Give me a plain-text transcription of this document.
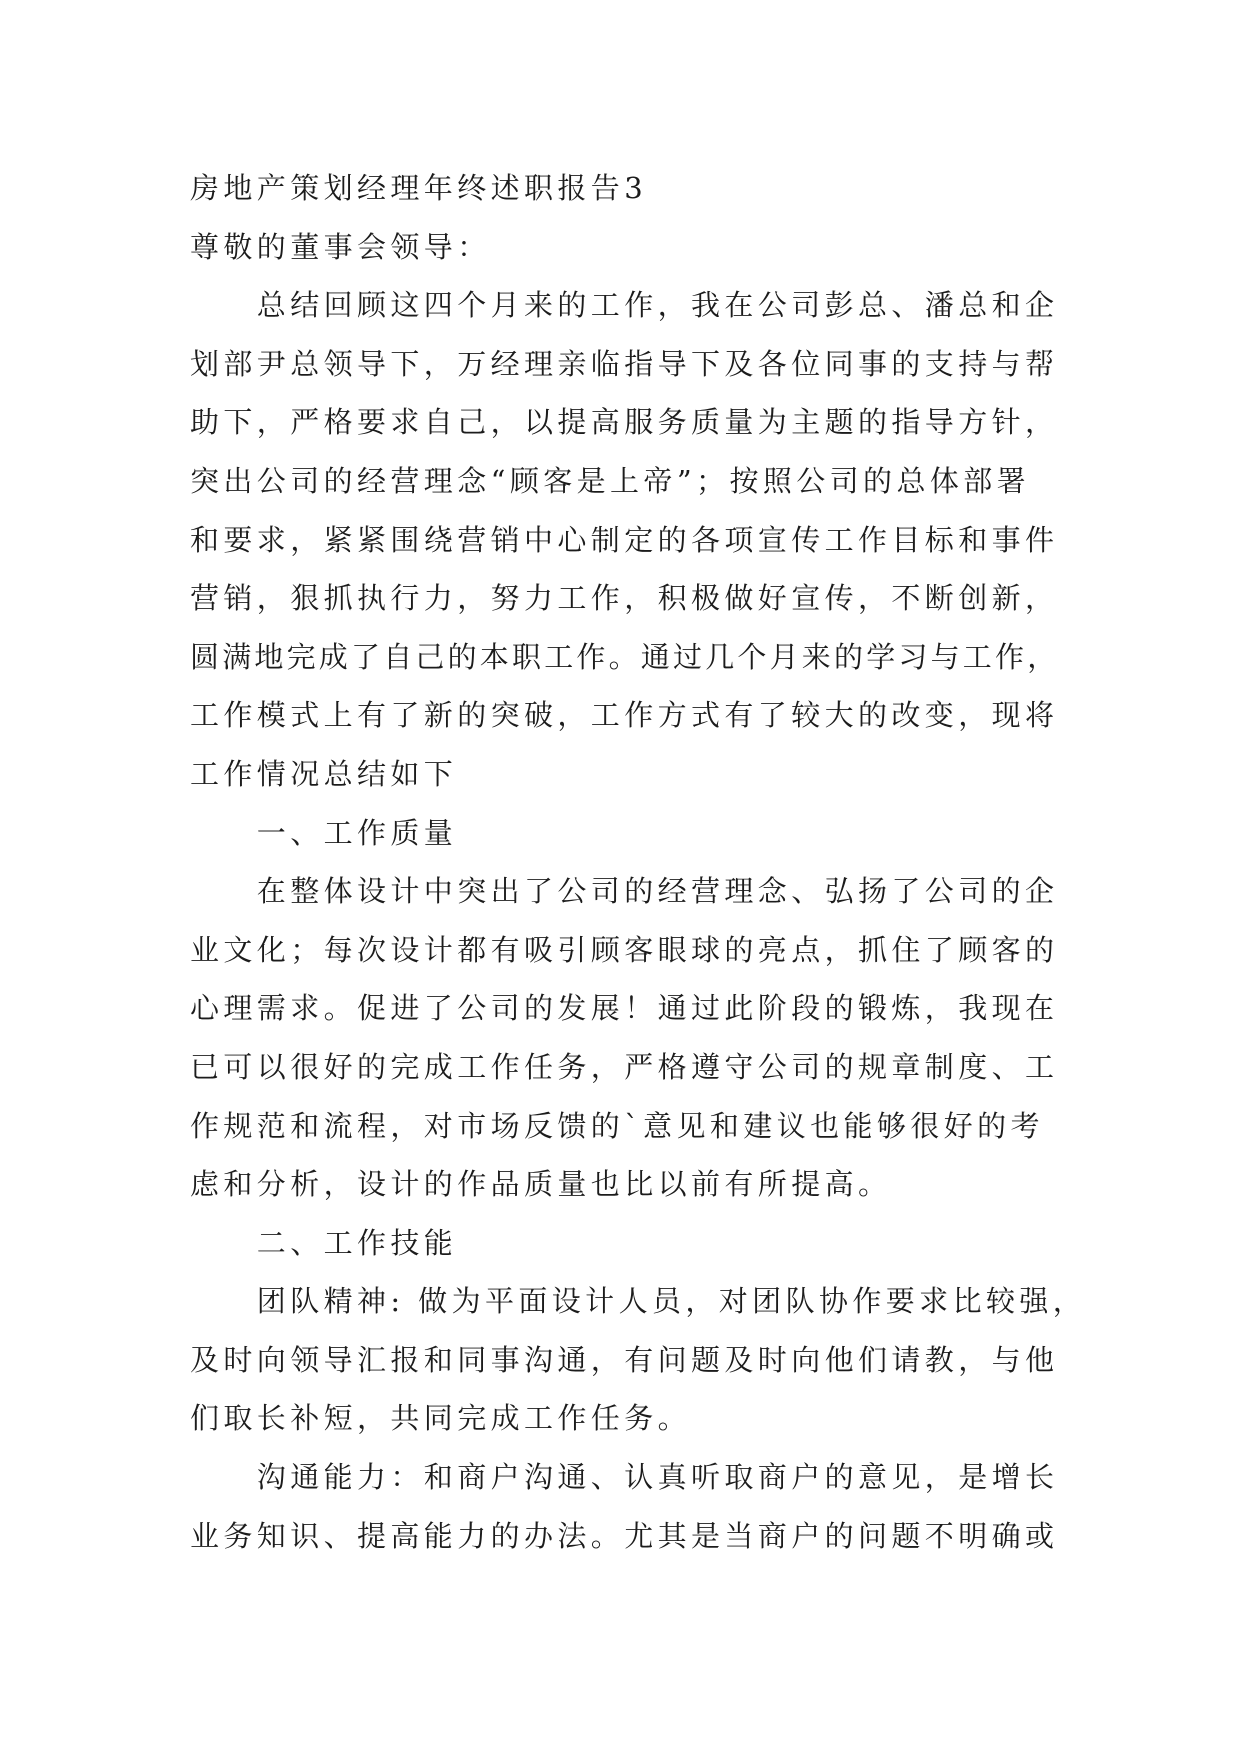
房地产策划经理年终述职报告3
尊敬的董事会领导：
总结回顾这四个月来的工作，我在公司彭总、潘总和企
划部尹总领导下，万经理亲临指导下及各位同事的支持与帮
助下，严格要求自己，以提高服务质量为主题的指导方针，
突出公司的经营理念“顾客是上帝”；按照公司的总体部署
和要求，紧紧围绕营销中心制定的各项宣传工作目标和事件
营销，狠抓执行力，努力工作，积极做好宣传，不断创新，
圆满地完成了自己的本职工作。通过几个月来的学习与工作，
工作模式上有了新的突破，工作方式有了较大的改变，现将
工作情况总结如下
一、工作质量
在整体设计中突出了公司的经营理念、弘扬了公司的企
业文化；每次设计都有吸引顾客眼球的亮点，抓住了顾客的
心理需求。促进了公司的发展！通过此阶段的锻炼，我现在
已可以很好的完成工作任务，严格遵守公司的规章制度、工
作规范和流程，对市场反馈的`意见和建议也能够很好的考
虑和分析，设计的作品质量也比以前有所提高。
二、工作技能
团队精神: 做为平面设计人员，对团队协作要求比较强，
及时向领导汇报和同事沟通，有问题及时向他们请教，与他
们取长补短，共同完成工作任务。
沟通能力：和商户沟通、认真听取商户的意见，是增长
业务知识、提高能力的办法。尤其是当商户的问题不明确或
